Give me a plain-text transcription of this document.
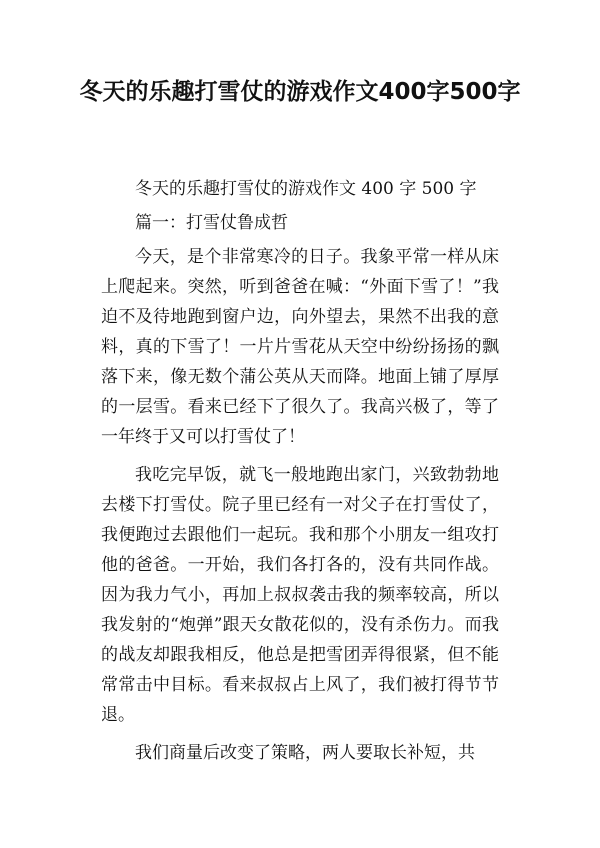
冬天的乐趣打雪仗的游戏作文400字500字

冬天的乐趣打雪仗的游戏作文 400 字 500 字

篇一：打雪仗鲁成哲

今天，是个非常寒冷的日子。我象平常一样从床上爬起来。突然，听到爸爸在喊：“外面下雪了！”我迫不及待地跑到窗户边，向外望去，果然不出我的意料，真的下雪了！一片片雪花从天空中纷纷扬扬的飘落下来，像无数个蒲公英从天而降。地面上铺了厚厚的一层雪。看来已经下了很久了。我高兴极了，等了一年终于又可以打雪仗了！

我吃完早饭，就飞一般地跑出家门，兴致勃勃地去楼下打雪仗。院子里已经有一对父子在打雪仗了，我便跑过去跟他们一起玩。我和那个小朋友一组攻打他的爸爸。一开始，我们各打各的，没有共同作战。因为我力气小，再加上叔叔袭击我的频率较高，所以我发射的“炮弹”跟天女散花似的，没有杀伤力。而我的战友却跟我相反，他总是把雪团弄得很紧，但不能常常击中目标。看来叔叔占上风了，我们被打得节节退。

我们商量后改变了策略，两人要取长补短，共
